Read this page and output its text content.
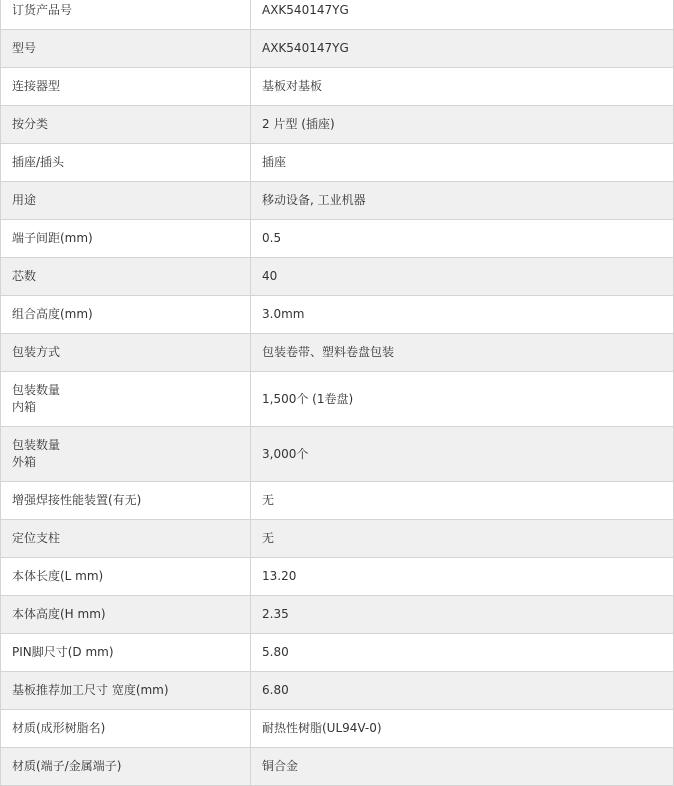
订货产品号	AXK540147YG
型号	AXK540147YG
连接器型	基板对基板
按分类	2 片型 (插座)
插座/插头	插座
用途	移动设备, 工业机器
端子间距(mm)	0.5
芯数	40
组合高度(mm)	3.0mm
包装方式	包装卷带、塑料卷盘包装

包装数量
内箱	1,500个 (1卷盘)

包装数量
外箱	3,000个
增强焊接性能装置(有无)	无
定位支柱	无
本体长度(L mm)	13.20
本体高度(H mm)	2.35
PIN脚尺寸(D mm)	5.80
基板推荐加工尺寸 宽度(mm)	6.80
材质(成形树脂名)	耐热性树脂(UL94V-0)
材质(端子/金属端子)	铜合金
